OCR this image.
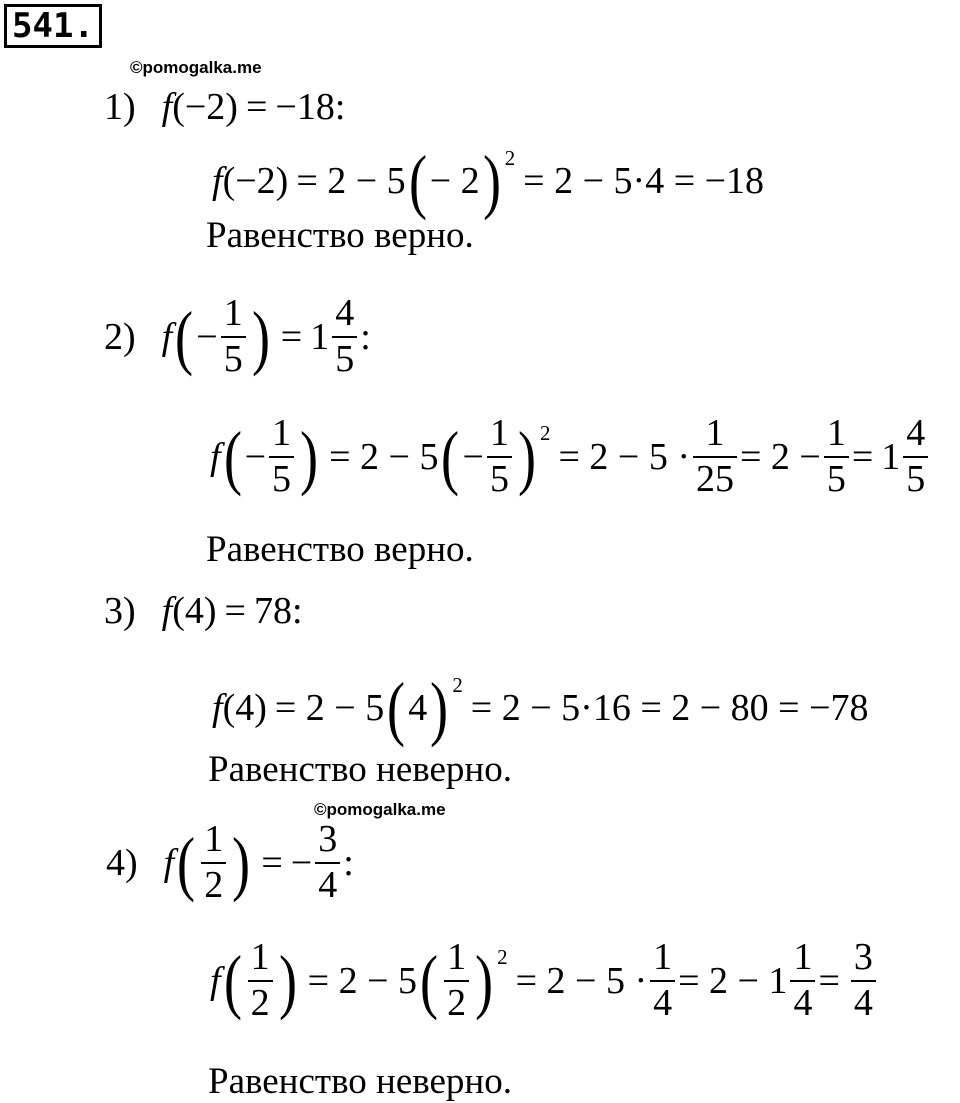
541.
©pomogalka.me
©pomogalka.me
1) f (−2) = −18 :
f (−2) = 2 − 5 ( − 2 ) 2
= 2 − 5·4 = −18
Равенство верно.
2) f ( − $\frac{1}{5}$ ) = $1 \frac{4}{5}$ :
f ( − $\frac{1}{5}$ ) = 2 − 5 ( − $\frac{1}{5}$ ) 2
= $2 - 5 \cdot \frac{1}{25} = 2 - \frac{1}{5} = 1 \frac{4}{5}$
Равенство верно.
3) f (4) = 78 :
f (4) = 2 − 5 ( 4 ) 2
= 2 − 5·16 = 2 − 80 = −78
Равенство неверно.
4) f ( $\frac{1}{2}$ ) = − $\frac{3}{4}$ :
f ( $\frac{1}{2}$ ) = 2 − 5 ( $\frac{1}{2}$ ) 2
= $2 - 5 \cdot \frac{1}{4} = 2 - 1 \frac{1}{4} = \frac{3}{4}$
Равенство неверно.
